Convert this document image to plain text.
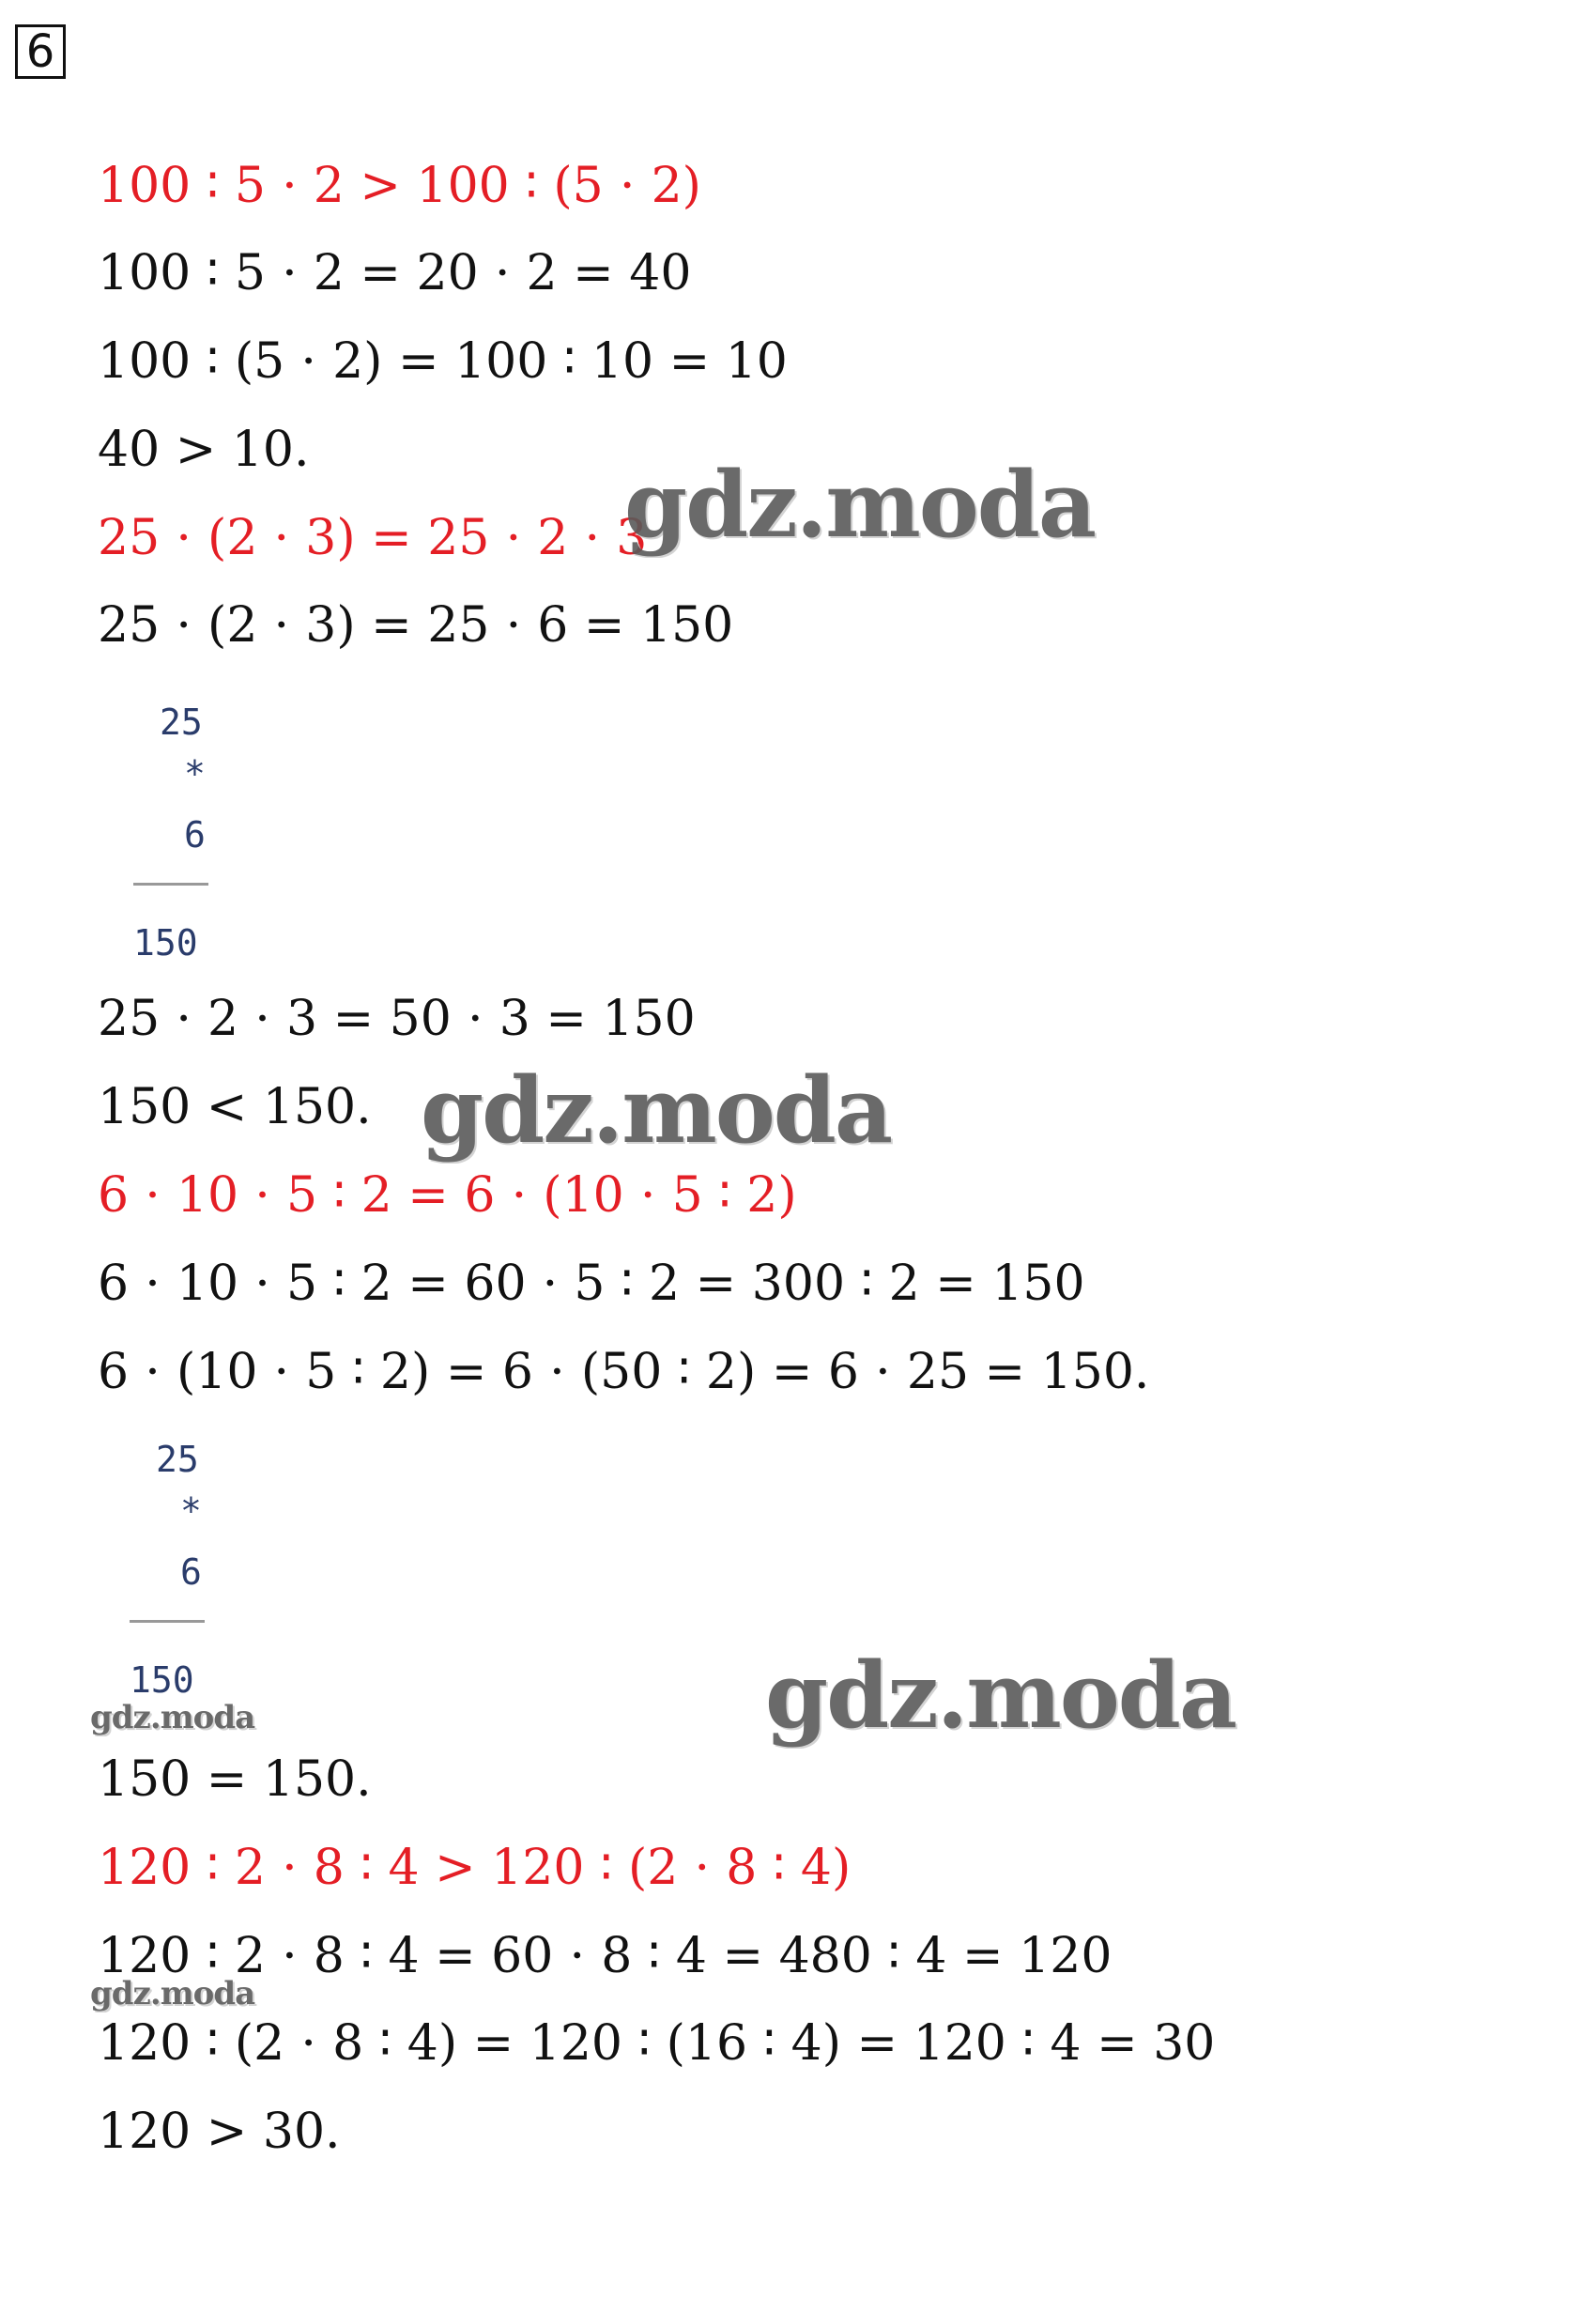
6
100 ∶ 5 ⋅ 2 > 100 ∶ (5 ⋅ 2)
100 ∶ 5 ⋅ 2 = 20 ⋅ 2 = 40
100 ∶ (5 ⋅ 2) = 100 ∶ 10 = 10
40 > 10.
25 ⋅ (2 ⋅ 3) = 25 ⋅ 2 ⋅ 3
25 ⋅ (2 ⋅ 3) = 25 ⋅ 6 = 150
25 ⋅ 2 ⋅ 3 = 50 ⋅ 3 = 150
150 < 150.
6 ⋅ 10 ⋅ 5 ∶ 2 = 6 ⋅ (10 ⋅ 5 ∶ 2)
6 ⋅ 10 ⋅ 5 ∶ 2 = 60 ⋅ 5 ∶ 2 = 300 ∶ 2 = 150
6 ⋅ (10 ⋅ 5 ∶ 2) = 6 ⋅ (50 ∶ 2) = 6 ⋅ 25 = 150.
150 = 150.
120 ∶ 2 ⋅ 8 ∶ 4 > 120 ∶ (2 ⋅ 8 ∶ 4)
120 ∶ 2 ⋅ 8 ∶ 4 = 60 ⋅ 8 ∶ 4 = 480 ∶ 4 = 120
120 ∶ (2 ⋅ 8 ∶ 4) = 120 ∶ (16 ∶ 4) = 120 ∶ 4 = 30
120 > 30.
25
*
6
150
25
*
6
150
gdz.moda
gdz.moda
gdz.moda
gdz.moda
gdz.moda
